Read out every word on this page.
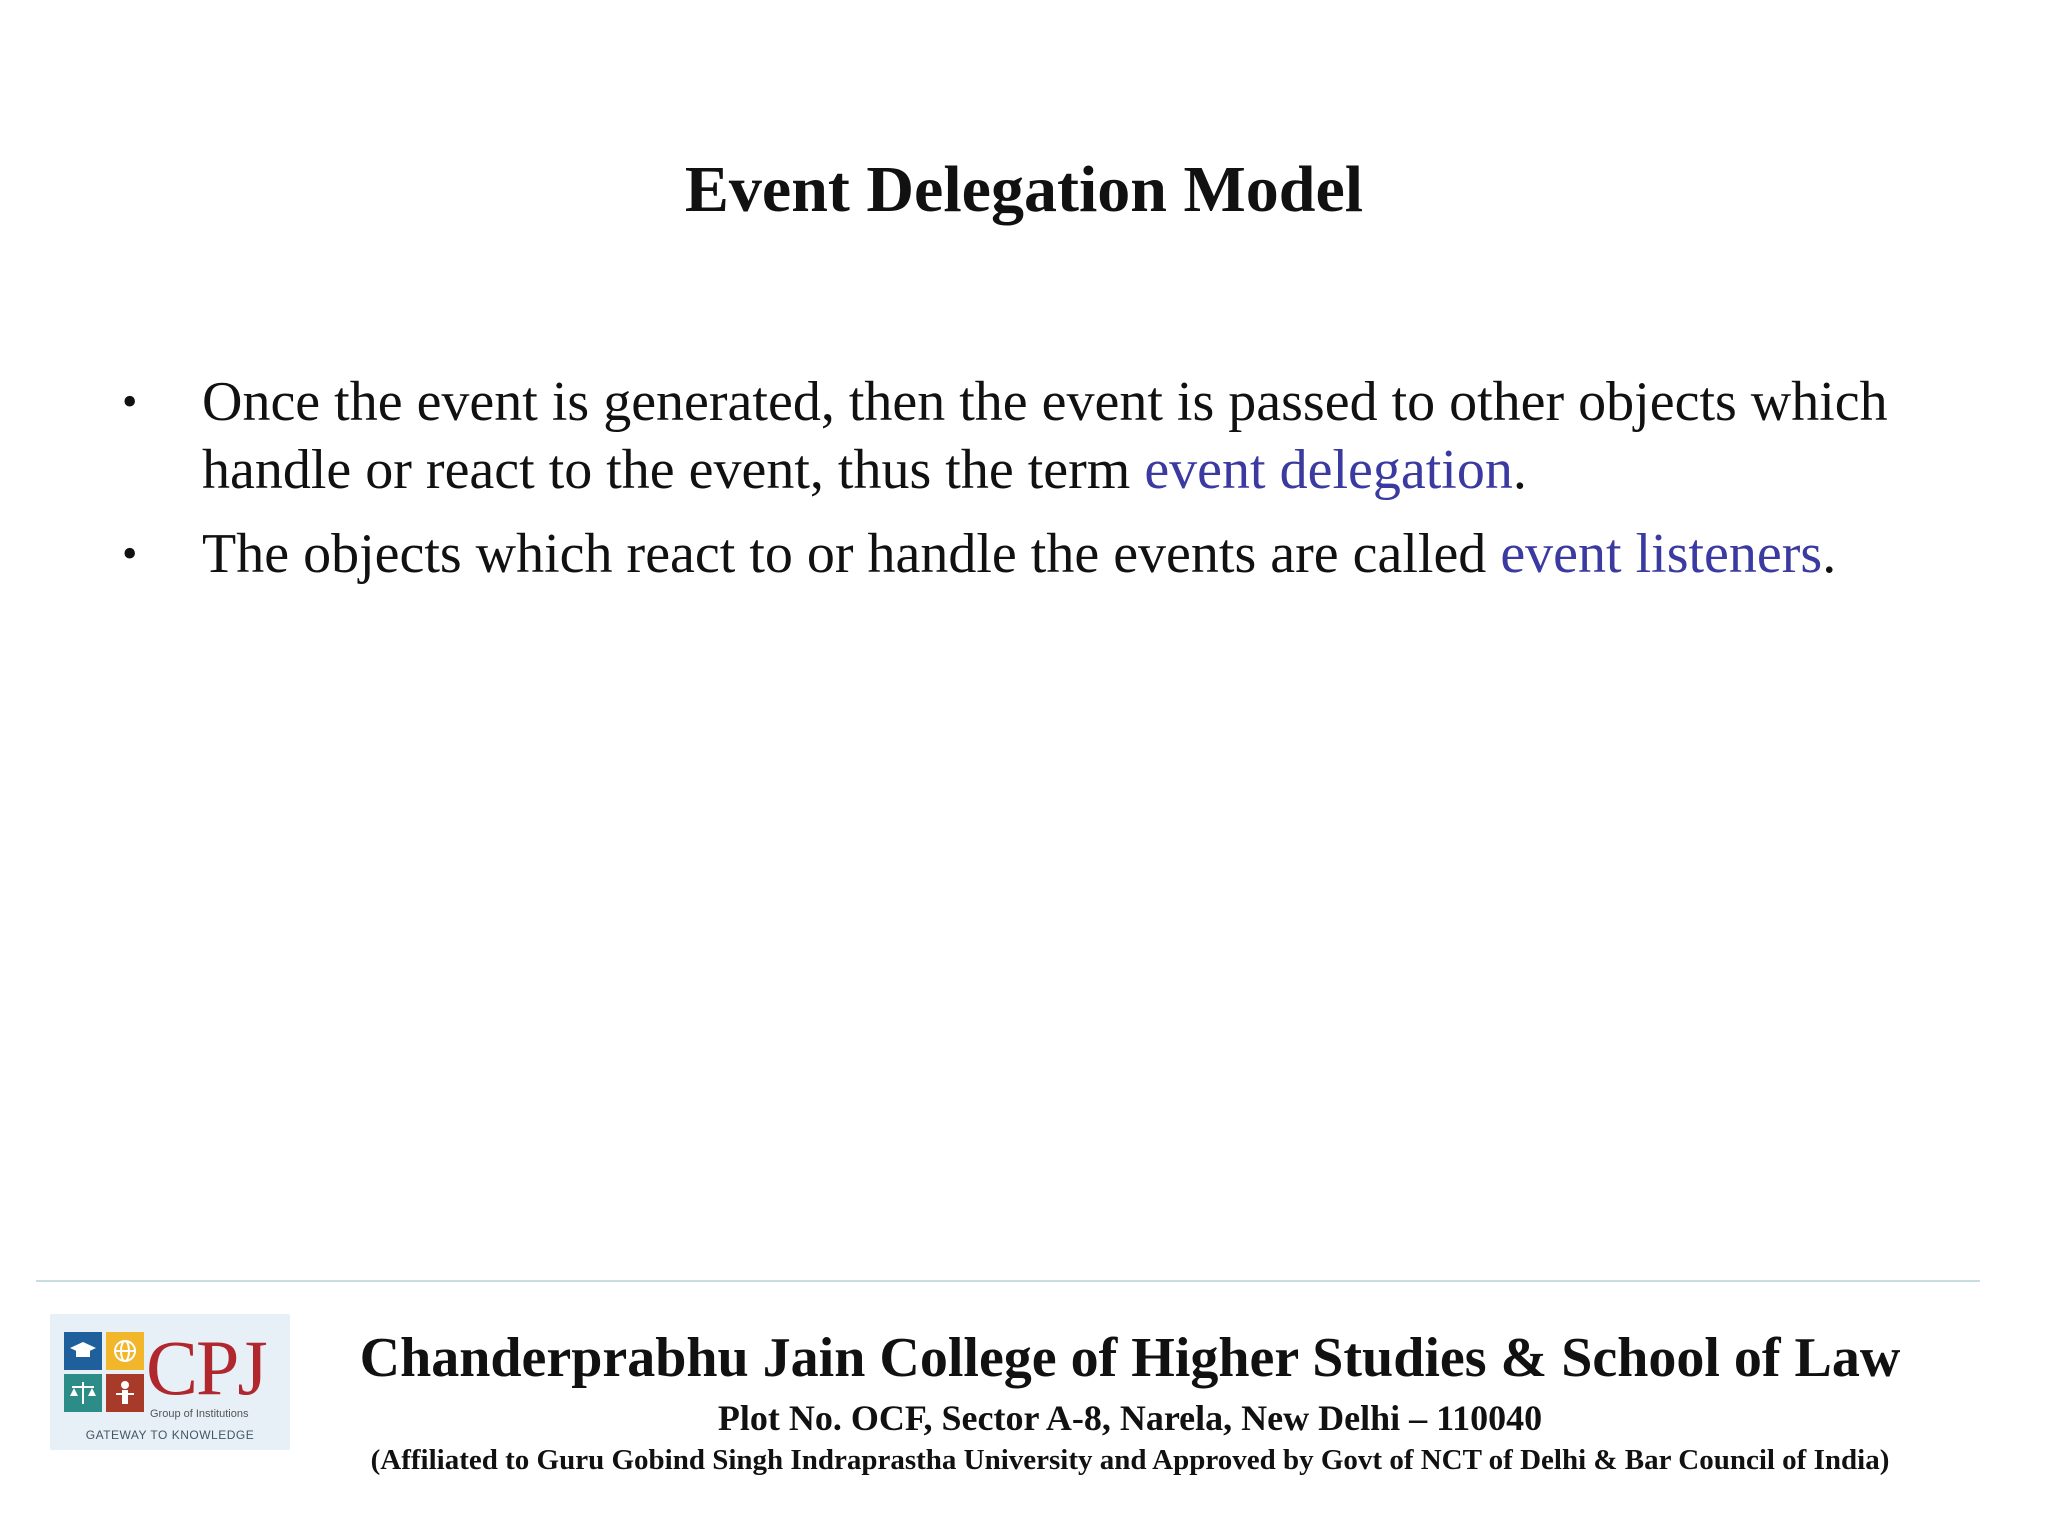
Event Delegation Model
• Once the event is generated, then the event is passed to other objects which handle or react to the event, thus the term event delegation.
• The objects which react to or handle the events are called event listeners.
CPJ
Group of Institutions
GATEWAY TO KNOWLEDGE
Chanderprabhu Jain College of Higher Studies & School of Law
Plot No. OCF, Sector A-8, Narela, New Delhi – 110040
(Affiliated to Guru Gobind Singh Indraprastha University and Approved by Govt of NCT of Delhi & Bar Council of India)
